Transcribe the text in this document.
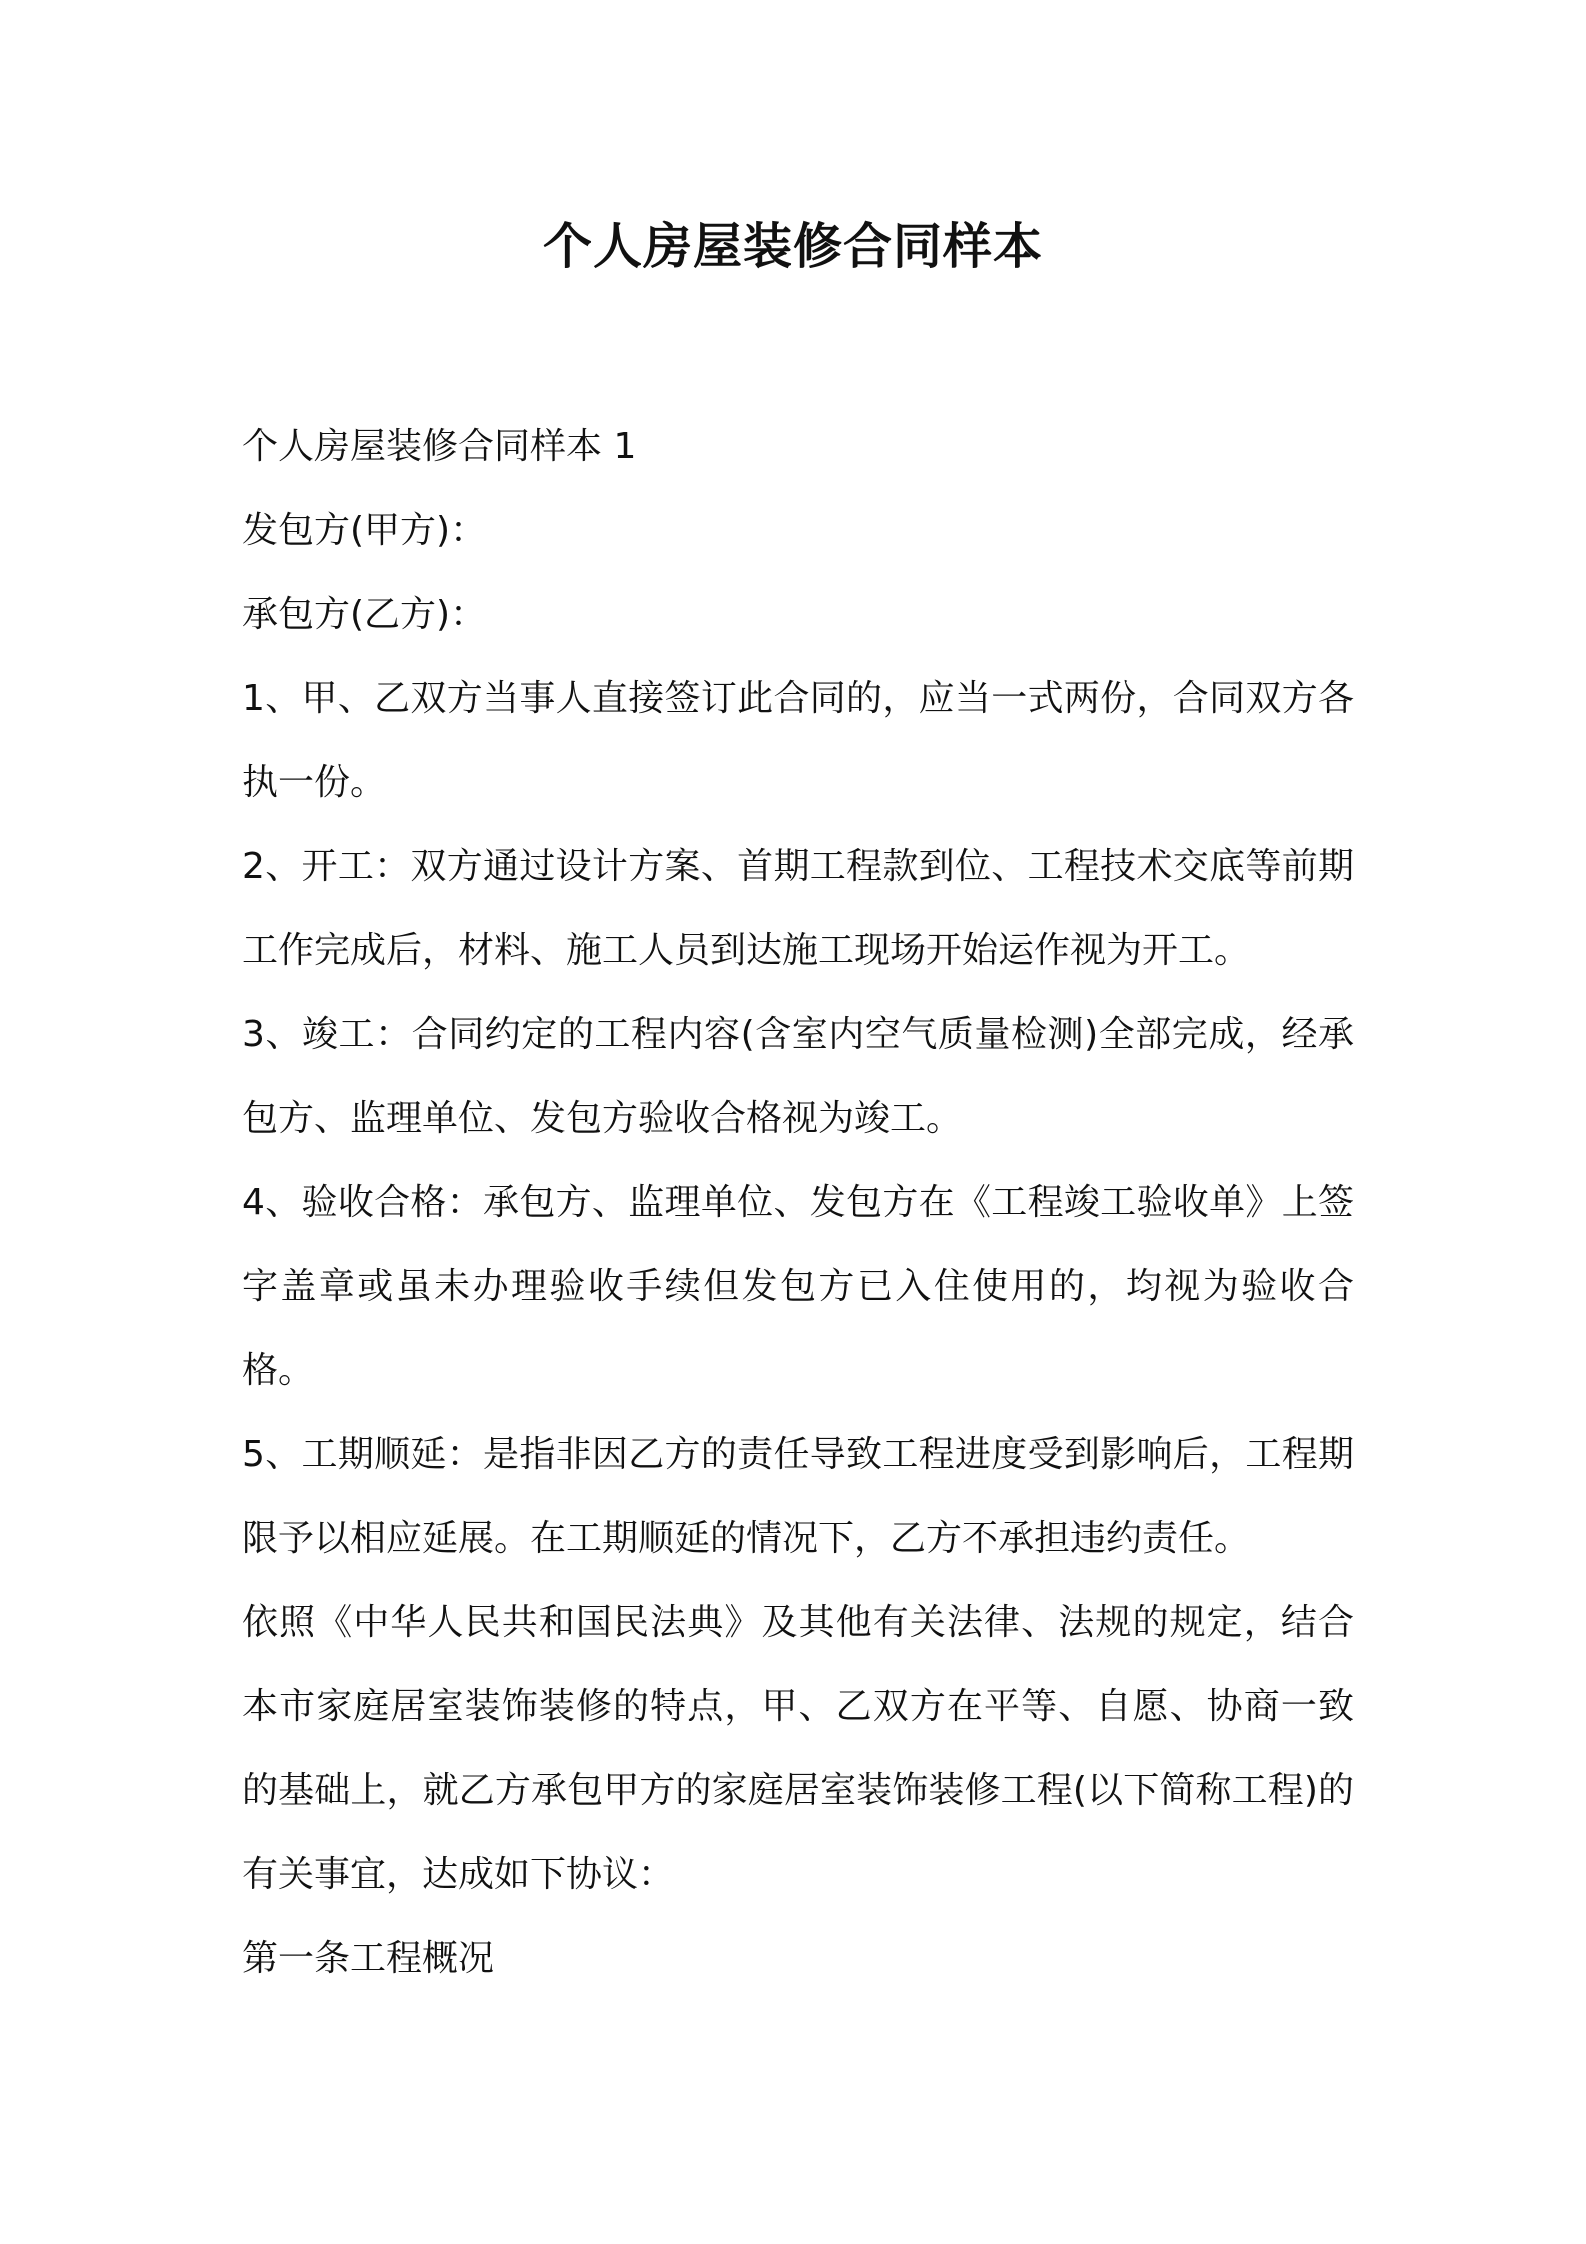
个人房屋装修合同样本

个人房屋装修合同样本 1

发包方(甲方)：

承包方(乙方)：

1、甲、乙双方当事人直接签订此合同的，应当一式两份，合同双方各执一份。

2、开工：双方通过设计方案、首期工程款到位、工程技术交底等前期工作完成后，材料、施工人员到达施工现场开始运作视为开工。

3、竣工：合同约定的工程内容(含室内空气质量检测)全部完成，经承包方、监理单位、发包方验收合格视为竣工。

4、验收合格：承包方、监理单位、发包方在《工程竣工验收单》上签字盖章或虽未办理验收手续但发包方已入住使用的，均视为验收合格。

5、工期顺延：是指非因乙方的责任导致工程进度受到影响后，工程期限予以相应延展。在工期顺延的情况下，乙方不承担违约责任。

依照《中华人民共和国民法典》及其他有关法律、法规的规定，结合本市家庭居室装饰装修的特点，甲、乙双方在平等、自愿、协商一致的基础上，就乙方承包甲方的家庭居室装饰装修工程(以下简称工程)的有关事宜，达成如下协议：

第一条工程概况
